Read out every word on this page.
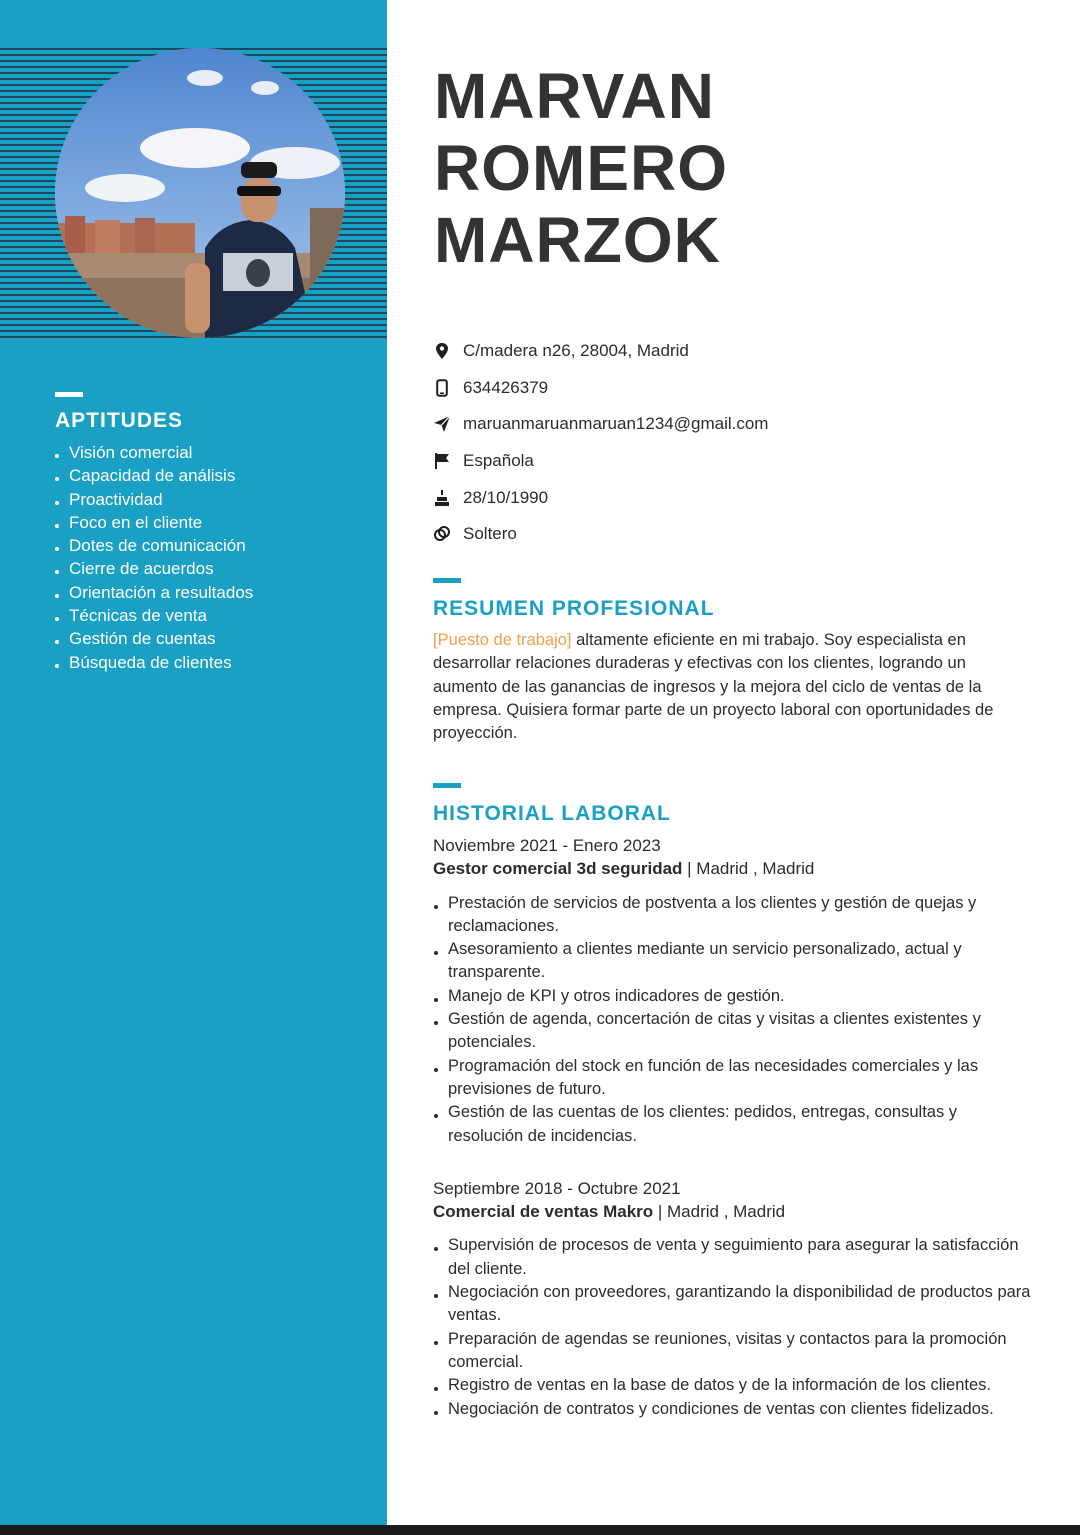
APTITUDES
Visión comercial
Capacidad de análisis
Proactividad
Foco en el cliente
Dotes de comunicación
Cierre de acuerdos
Orientación a resultados
Técnicas de venta
Gestión de cuentas
Búsqueda de clientes
MARVAN
ROMERO
MARZOK
C/madera n26, 28004, Madrid
634426379
maruanmaruanmaruan1234@gmail.com
Española
28/10/1990
Soltero
RESUMEN PROFESIONAL

[Puesto de trabajo] altamente eficiente en mi trabajo. Soy especialista en desarrollar relaciones duraderas y efectivas con los clientes, logrando un aumento de las ganancias de ingresos y la mejora del ciclo de ventas de la empresa. Quisiera formar parte de un proyecto laboral con oportunidades de proyección.

HISTORIAL LABORAL
Noviembre 2021 - Enero 2023
Gestor comercial 3d seguridad | Madrid , Madrid
Prestación de servicios de postventa a los clientes y gestión de quejas y reclamaciones.
Asesoramiento a clientes mediante un servicio personalizado, actual y transparente.
Manejo de KPI y otros indicadores de gestión.
Gestión de agenda, concertación de citas y visitas a clientes existentes y potenciales.
Programación del stock en función de las necesidades comerciales y las previsiones de futuro.
Gestión de las cuentas de los clientes: pedidos, entregas, consultas y resolución de incidencias.
Septiembre 2018 - Octubre 2021
Comercial de ventas Makro | Madrid , Madrid
Supervisión de procesos de venta y seguimiento para asegurar la satisfacción del cliente.
Negociación con proveedores, garantizando la disponibilidad de productos para ventas.
Preparación de agendas se reuniones, visitas y contactos para la promoción comercial.
Registro de ventas en la base de datos y de la información de los clientes.
Negociación de contratos y condiciones de ventas con clientes fidelizados.
